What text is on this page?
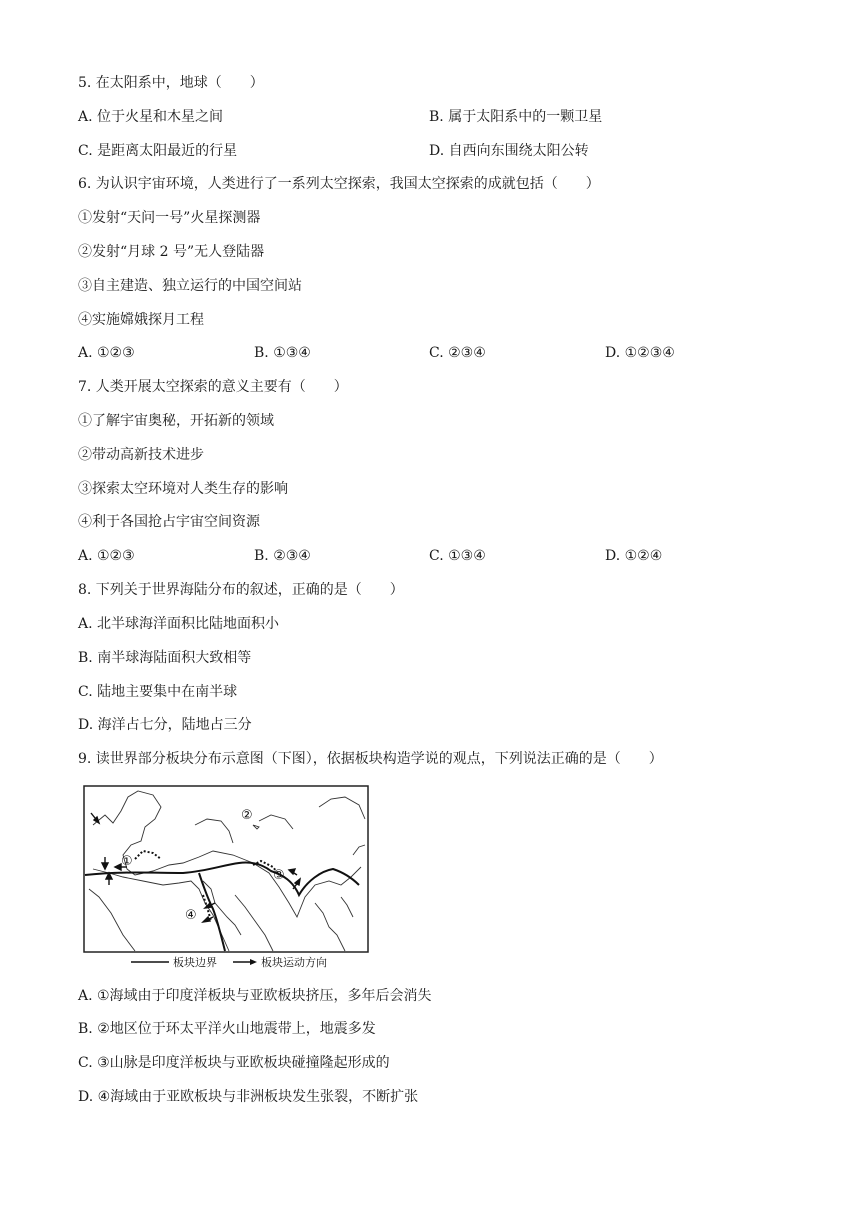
5. 在太阳系中，地球（　　）
A. 位于火星和木星之间	B. 属于太阳系中的一颗卫星
C. 是距离太阳最近的行星	D. 自西向东围绕太阳公转
6. 为认识宇宙环境，人类进行了一系列太空探索，我国太空探索的成就包括（　　）
①发射“天问一号”火星探测器
②发射“月球 2 号”无人登陆器
③自主建造、独立运行的中国空间站
④实施嫦娥探月工程
A. ①②③	B. ①③④	C. ②③④	D. ①②③④
7. 人类开展太空探索的意义主要有（　　）
①了解宇宙奥秘，开拓新的领域
②带动高新技术进步
③探索太空环境对人类生存的影响
④利于各国抢占宇宙空间资源
A. ①②③	B. ②③④	C. ①③④	D. ①②④
8. 下列关于世界海陆分布的叙述，正确的是（　　）
A. 北半球海洋面积比陆地面积小
B. 南半球海陆面积大致相等
C. 陆地主要集中在南半球
D. 海洋占七分，陆地占三分
9. 读世界部分板块分布示意图（下图），依据板块构造学说的观点，下列说法正确的是（　　）
①
②
③
④
板块边界	板块运动方向
A. ①海域由于印度洋板块与亚欧板块挤压，多年后会消失
B. ②地区位于环太平洋火山地震带上，地震多发
C. ③山脉是印度洋板块与亚欧板块碰撞隆起形成的
D. ④海域由于亚欧板块与非洲板块发生张裂，不断扩张
